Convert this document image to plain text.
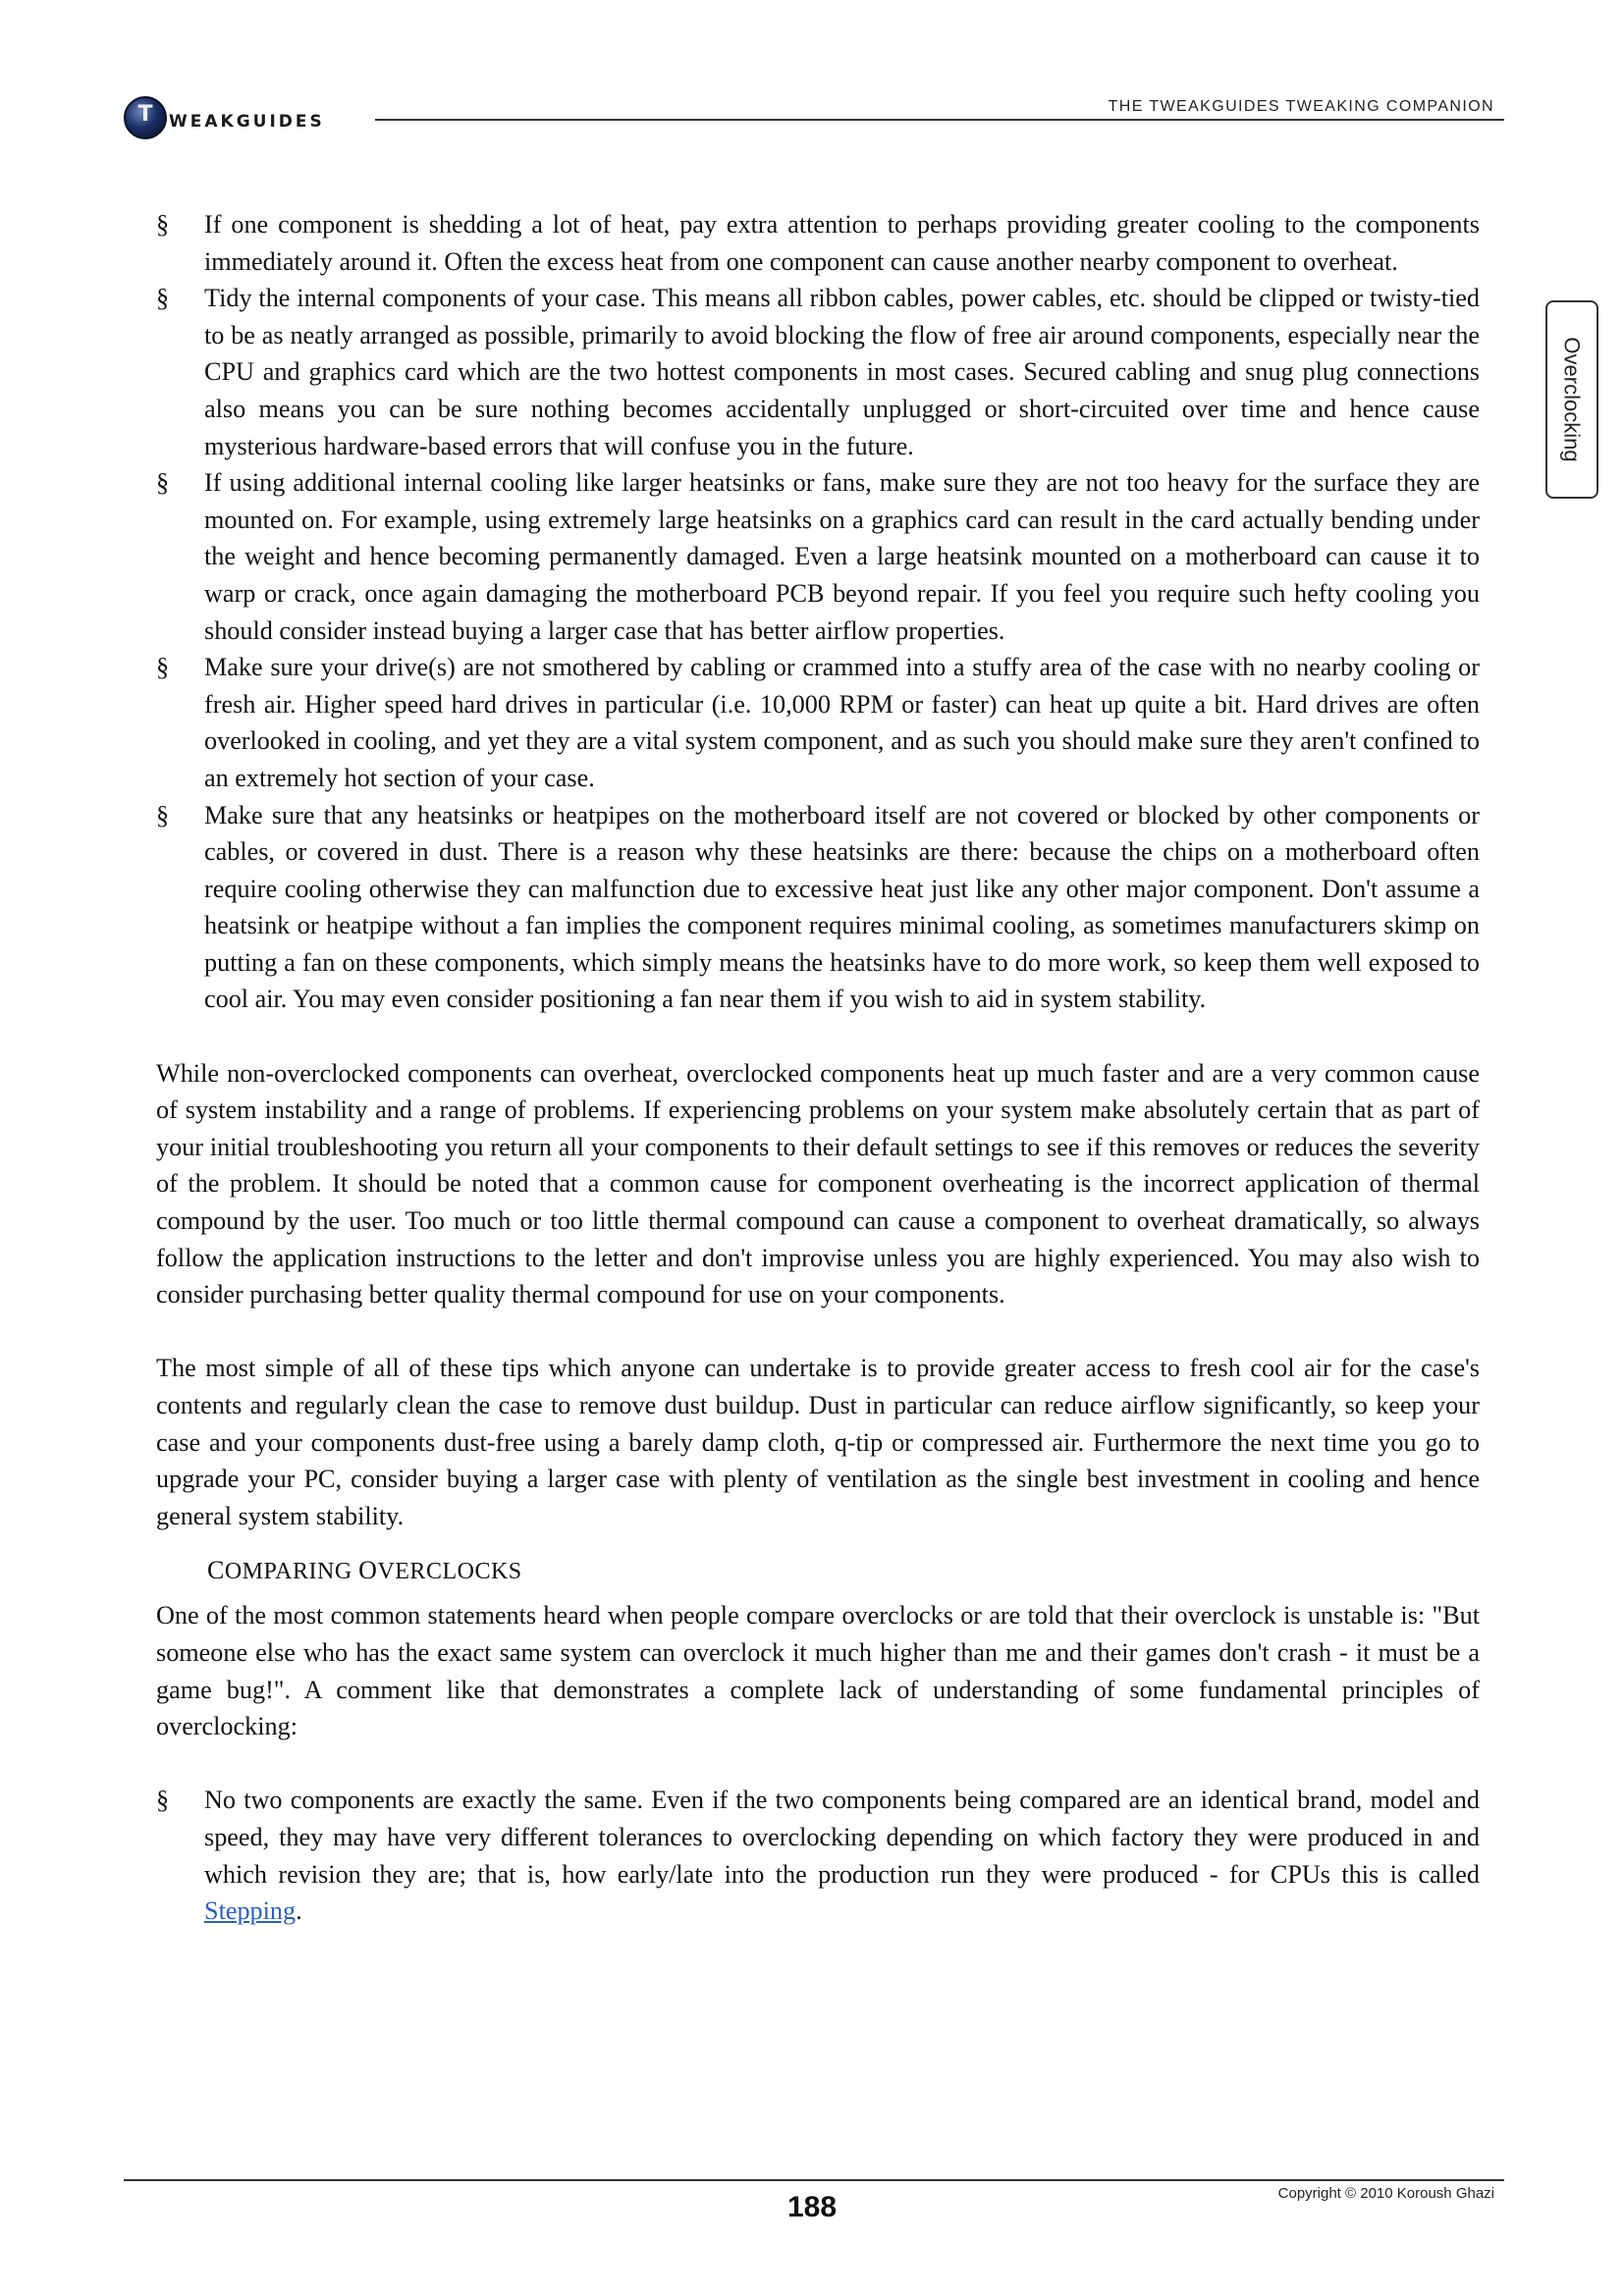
T WEAKGUIDES
THE TWEAKGUIDES TWEAKING COMPANION
Overclocking
§ If one component is shedding a lot of heat, pay extra attention to perhaps providing greater cooling to the components immediately around it. Often the excess heat from one component can cause another nearby component to overheat.
§ Tidy the internal components of your case. This means all ribbon cables, power cables, etc. should be clipped or twisty-tied to be as neatly arranged as possible, primarily to avoid blocking the flow of free air around components, especially near the CPU and graphics card which are the two hottest components in most cases. Secured cabling and snug plug connections also means you can be sure nothing becomes accidentally unplugged or short-circuited over time and hence cause mysterious hardware-based errors that will confuse you in the future.
§ If using additional internal cooling like larger heatsinks or fans, make sure they are not too heavy for the surface they are mounted on. For example, using extremely large heatsinks on a graphics card can result in the card actually bending under the weight and hence becoming permanently damaged. Even a large heatsink mounted on a motherboard can cause it to warp or crack, once again damaging the motherboard PCB beyond repair. If you feel you require such hefty cooling you should consider instead buying a larger case that has better airflow properties.
§ Make sure your drive(s) are not smothered by cabling or crammed into a stuffy area of the case with no nearby cooling or fresh air. Higher speed hard drives in particular (i.e. 10,000 RPM or faster) can heat up quite a bit. Hard drives are often overlooked in cooling, and yet they are a vital system component, and as such you should make sure they aren't confined to an extremely hot section of your case.
§ Make sure that any heatsinks or heatpipes on the motherboard itself are not covered or blocked by other components or cables, or covered in dust. There is a reason why these heatsinks are there: because the chips on a motherboard often require cooling otherwise they can malfunction due to excessive heat just like any other major component. Don't assume a heatsink or heatpipe without a fan implies the component requires minimal cooling, as sometimes manufacturers skimp on putting a fan on these components, which simply means the heatsinks have to do more work, so keep them well exposed to cool air. You may even consider positioning a fan near them if you wish to aid in system stability.

While non-overclocked components can overheat, overclocked components heat up much faster and are a very common cause of system instability and a range of problems. If experiencing problems on your system make absolutely certain that as part of your initial troubleshooting you return all your components to their default settings to see if this removes or reduces the severity of the problem. It should be noted that a common cause for component overheating is the incorrect application of thermal compound by the user. Too much or too little thermal compound can cause a component to overheat dramatically, so always follow the application instructions to the letter and don't improvise unless you are highly experienced. You may also wish to consider purchasing better quality thermal compound for use on your components.

The most simple of all of these tips which anyone can undertake is to provide greater access to fresh cool air for the case's contents and regularly clean the case to remove dust buildup. Dust in particular can reduce airflow significantly, so keep your case and your components dust-free using a barely damp cloth, q-tip or compressed air. Furthermore the next time you go to upgrade your PC, consider buying a larger case with plenty of ventilation as the single best investment in cooling and hence general system stability.

COMPARING OVERCLOCKS

One of the most common statements heard when people compare overclocks or are told that their overclock is unstable is: "But someone else who has the exact same system can overclock it much higher than me and their games don't crash - it must be a game bug!". A comment like that demonstrates a complete lack of understanding of some fundamental principles of overclocking:

§ No two components are exactly the same. Even if the two components being compared are an identical brand, model and speed, they may have very different tolerances to overclocking depending on which factory they were produced in and which revision they are; that is, how early/late into the production run they were produced - for CPUs this is called Stepping.
188	Copyright © 2010 Koroush Ghazi
